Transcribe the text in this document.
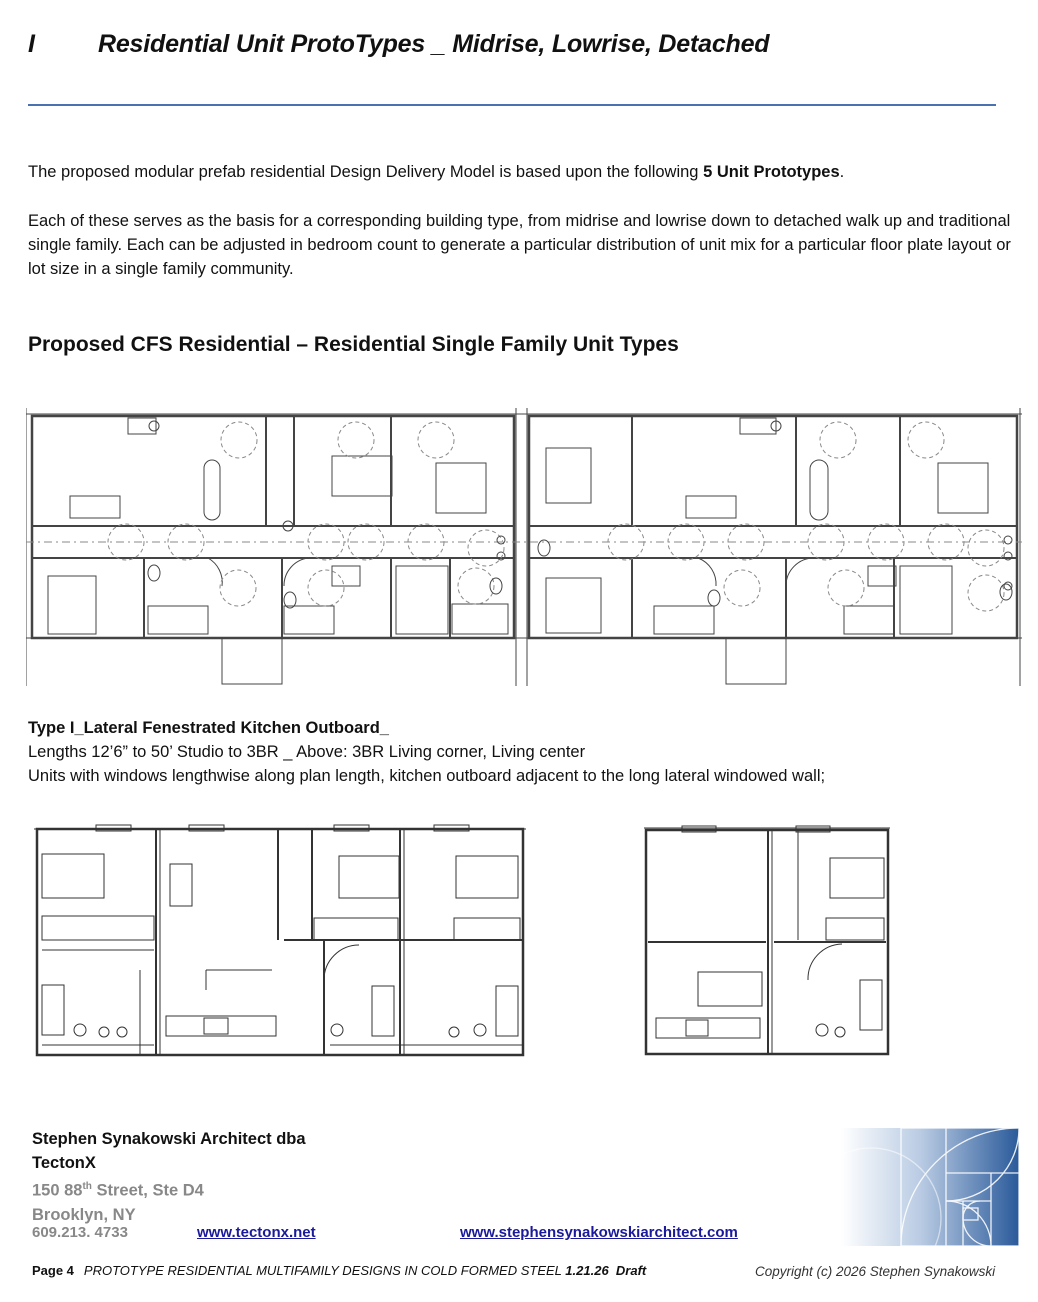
I	Residential Unit ProtoTypes _ Midrise, Lowrise, Detached
The proposed modular prefab residential Design Delivery Model is based upon the following 5 Unit Prototypes.
Each of these serves as the basis for a corresponding building type, from midrise and lowrise down to detached walk up and traditional single family. Each can be adjusted in bedroom count to generate a particular distribution of unit mix for a particular floor plate layout or lot size in a single family community.
Proposed CFS Residential – Residential Single Family Unit Types
Type I_Lateral Fenestrated Kitchen Outboard_
Lengths 12’6” to 50’ Studio to 3BR _ Above: 3BR Living corner, Living center
Units with windows lengthwise along plan length, kitchen outboard adjacent to the long lateral windowed wall;
Stephen Synakowski Architect dba
TectonX
150 88th Street, Ste D4
Brooklyn, NY
609.213. 4733	www.tectonx.net	www.stephensynakowskiarchitect.com
Page 4 PROTOTYPE RESIDENTIAL MULTIFAMILY DESIGNS IN COLD FORMED STEEL 1.21.26 Draft	Copyright (c) 2026 Stephen Synakowski
